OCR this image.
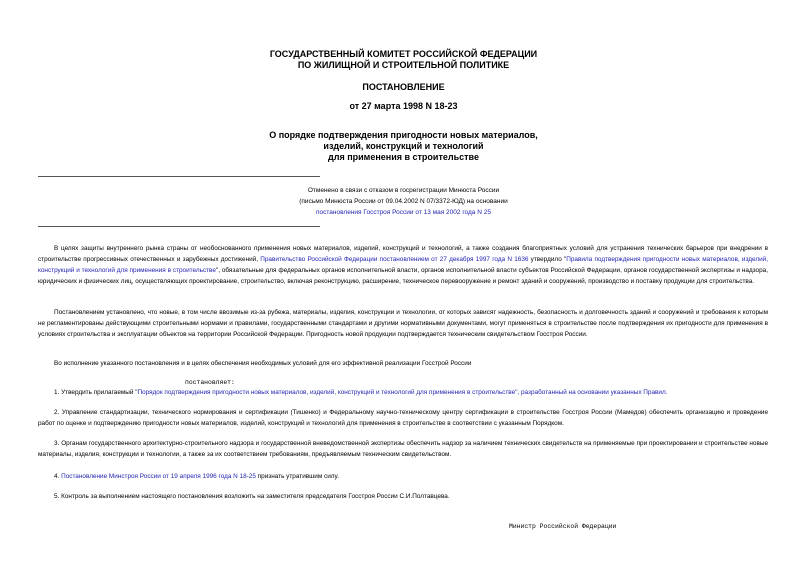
ГОСУДАРСТВЕННЫЙ КОМИТЕТ РОССИЙСКОЙ ФЕДЕРАЦИИ
ПО ЖИЛИЩНОЙ И СТРОИТЕЛЬНОЙ ПОЛИТИКЕ
ПОСТАНОВЛЕНИЕ
от 27 марта 1998 N 18-23
О порядке подтверждения пригодности новых материалов,
изделий, конструкций и технологий
для применения в строительстве
Отменено в связи с отказом в госрегистрации Минюста России
(письмо Минюста России от 09.04.2002 N 07/3372-ЮД) на основании
постановления Госстроя России от 13 мая 2002 года N 25
В целях защиты внутреннего рынка страны от необоснованного применения новых материалов, изделий, конструкций и технологий, а также создания благоприятных условий для устранения технических барьеров при внедрении в строительстве прогрессивных отечественных и зарубежных достижений, Правительство Российской Федерации постановлением от 27 декабря 1997 года N 1636 утвердило "Правила подтверждения пригодности новых материалов, изделий, конструкций и технологий для применения в строительстве", обязательные для федеральных органов исполнительной власти, органов исполнительной власти субъектов Российской Федерации, органов государственной экспертизы и надзора, юридических и физических лиц, осуществляющих проектирование, строительство, включая реконструкцию, расширение, техническое перевооружение и ремонт зданий и сооружений, производство и поставку продукции для строительства.
Постановлением установлено, что новые, в том числе ввозимые из-за рубежа, материалы, изделия, конструкции и технологии, от которых зависят надежность, безопасность и долговечность зданий и сооружений и требования к которым не регламентированы действующими строительными нормами и правилами, государственными стандартами и другими нормативными документами, могут применяться в строительстве после подтверждения их пригодности для применения в условиях строительства и эксплуатации объектов на территории Российской Федерации. Пригодность новой продукции подтверждается техническим свидетельством Госстроя России.
Во исполнение указанного постановления и в целях обеспечения необходимых условий для его эффективной реализации Госстрой России
постановляет:
1. Утвердить прилагаемый "Порядок подтверждения пригодности новых материалов, изделий, конструкций и технологий для применения в строительстве", разработанный на основании указанных Правил.
2. Управление стандартизации, технического нормирования и сертификации (Тишенко) и Федеральному научно-техническому центру сертификации в строительстве Госстроя России (Мамедов) обеспечить организацию и проведение работ по оценке и подтверждению пригодности новых материалов, изделий, конструкций и технологий для применения в строительстве в соответствии с указанным Порядком.
3. Органам государственного архитектурно-строительного надзора и государственной вневедомственной экспертизы обеспечить надзор за наличием технических свидетельств на применяемые при проектировании и строительстве новые материалы, изделия, конструкции и технологии, а также за их соответствием требованиям, предъявляемым техническим свидетельством.
4. Постановление Минстроя России от 19 апреля 1996 года N 18-25 признать утратившим силу.
5. Контроль за выполнением настоящего постановления возложить на заместителя председателя Госстроя России С.И.Полтавцева.
Министр Российской Федерации
